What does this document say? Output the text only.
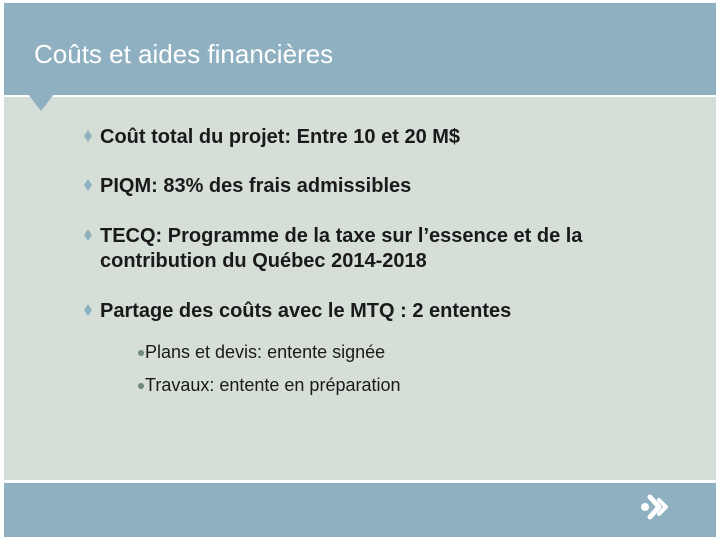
Coûts et aides financières
Coût total du projet: Entre 10 et 20 M$
PIQM: 83% des frais admissibles
TECQ: Programme de la taxe sur l’essence et de la contribution du Québec 2014-2018
Partage des coûts avec le MTQ : 2 ententes
Plans et devis: entente signée
Travaux: entente en préparation
